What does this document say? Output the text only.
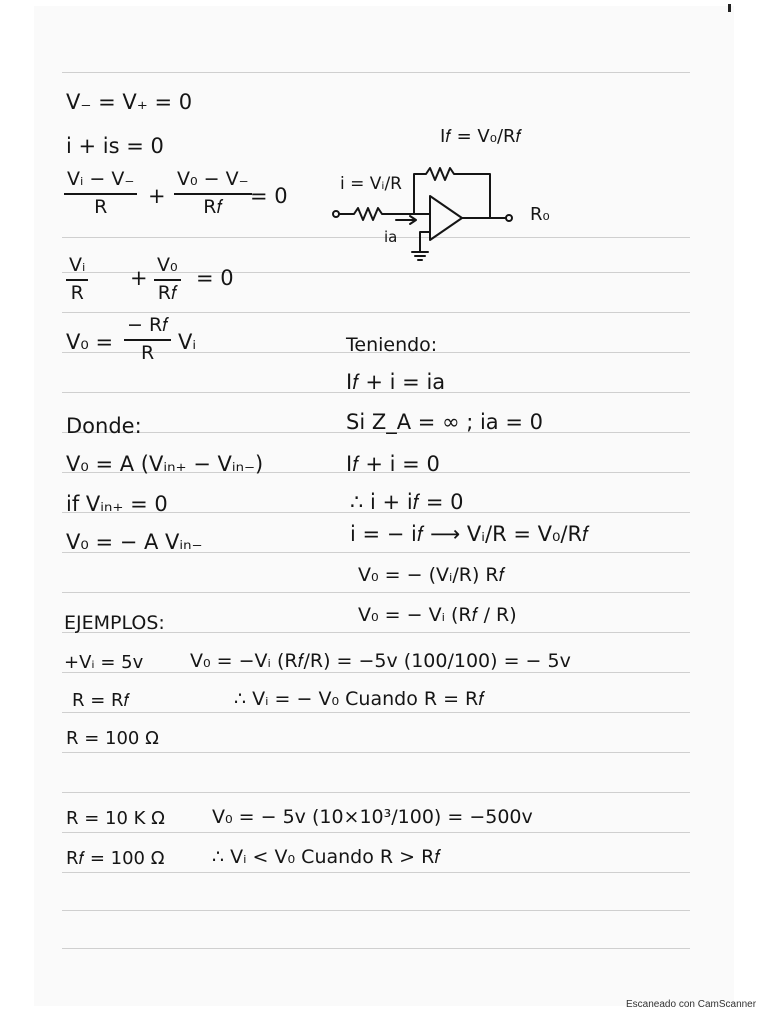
V₋ = V₊ = 0
i + is = 0
Vᵢ − V₋
R +
V₀ − V₋
R𝑓 = 0
Vᵢ
R
+
V₀
R𝑓
= 0
V₀ =
− R𝑓
R Vᵢ
Donde:
V₀ = A (Vᵢₙ₊ − Vᵢₙ₋)
if Vᵢₙ₊ = 0
V₀ = − A Vᵢₙ₋
EJEMPLOS:
+Vᵢ = 5v
R = R𝑓
R = 100 Ω
R = 10 K Ω
R𝑓 = 100 Ω
I𝑓 = V₀/R𝑓
i = Vᵢ/R
R₀
ia
Teniendo:
I𝑓 + i = ia
Si Z_A = ∞ ; ia = 0
I𝑓 + i = 0
∴ i + i𝑓 = 0
i = − i𝑓 ⟶ Vᵢ/R = V₀/R𝑓
V₀ = − (Vᵢ/R) R𝑓
V₀ = − Vᵢ (R𝑓 / R)
V₀ = −Vᵢ (R𝑓/R) = −5v (100/100) = − 5v
∴ Vᵢ = − V₀ Cuando R = R𝑓
V₀ = − 5v (10×10³/100) = −500v
∴ Vᵢ < V₀ Cuando R > R𝑓
Escaneado con CamScanner
